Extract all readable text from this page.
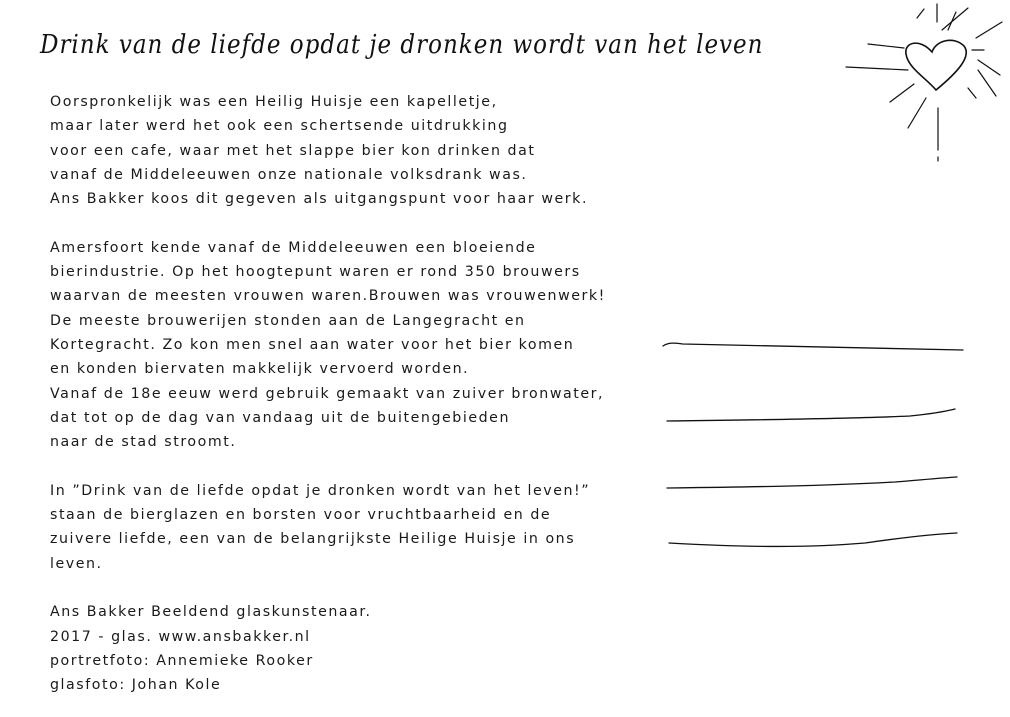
Drink van de liefde opdat je dronken wordt van het leven
Oorspronkelijk was een Heilig Huisje een kapelletje,
maar later werd het ook een schertsende uitdrukking
voor een cafe, waar met het slappe bier kon drinken dat
vanaf de Middeleeuwen onze nationale volksdrank was.
Ans Bakker koos dit gegeven als uitgangspunt voor haar werk.
Amersfoort kende vanaf de Middeleeuwen een bloeiende
bierindustrie. Op het hoogtepunt waren er rond 350 brouwers
waarvan de meesten vrouwen waren.Brouwen was vrouwenwerk!
De meeste brouwerijen stonden aan de Langegracht en
Kortegracht. Zo kon men snel aan water voor het bier komen
en konden biervaten makkelijk vervoerd worden.
Vanaf de 18e eeuw werd gebruik gemaakt van zuiver bronwater,
dat tot op de dag van vandaag uit de buitengebieden
naar de stad stroomt.
In ”Drink van de liefde opdat je dronken wordt van het leven!”
staan de bierglazen en borsten voor vruchtbaarheid en de
zuivere liefde, een van de belangrijkste Heilige Huisje in ons
leven.
Ans Bakker Beeldend glaskunstenaar.
2017 - glas. www.ansbakker.nl
portretfoto: Annemieke Rooker
glasfoto: Johan Kole
